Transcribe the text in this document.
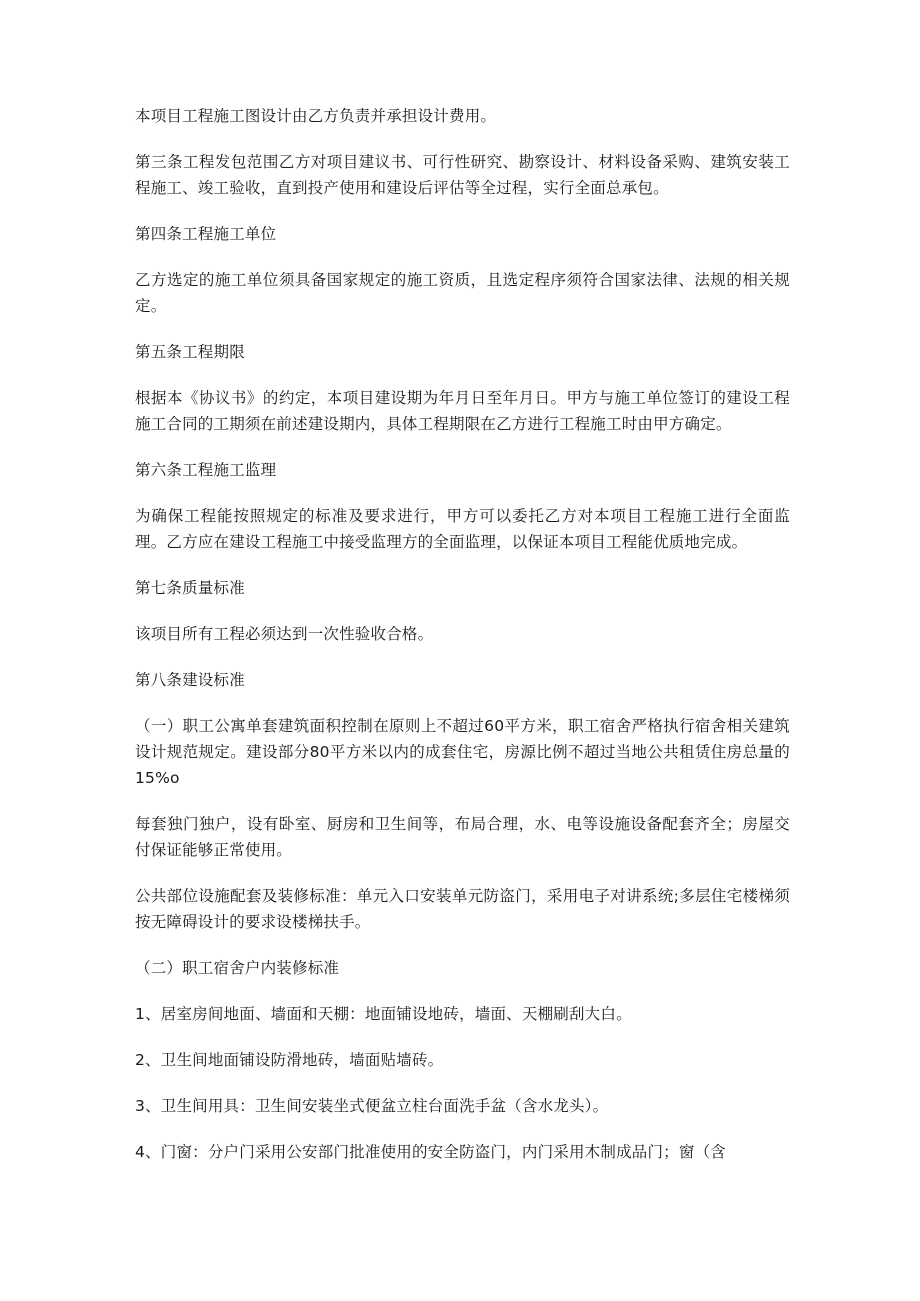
本项目工程施工图设计由乙方负责并承担设计费用。

第三条工程发包范围乙方对项目建议书、可行性研究、勘察设计、材料设备采购、建筑安装工程施工、竣工验收，直到投产使用和建设后评估等全过程，实行全面总承包。

第四条工程施工单位

乙方选定的施工单位须具备国家规定的施工资质，且选定程序须符合国家法律、法规的相关规定。

第五条工程期限

根据本《协议书》的约定，本项目建设期为年月日至年月日。甲方与施工单位签订的建设工程施工合同的工期须在前述建设期内，具体工程期限在乙方进行工程施工时由甲方确定。

第六条工程施工监理

为确保工程能按照规定的标准及要求进行，甲方可以委托乙方对本项目工程施工进行全面监理。乙方应在建设工程施工中接受监理方的全面监理，以保证本项目工程能优质地完成。

第七条质量标准

该项目所有工程必须达到一次性验收合格。

第八条建设标准

（一）职工公寓单套建筑面积控制在原则上不超过60平方米，职工宿舍严格执行宿舍相关建筑设计规范规定。建设部分80平方米以内的成套住宅，房源比例不超过当地公共租赁住房总量的15%o

每套独门独户，设有卧室、厨房和卫生间等，布局合理，水、电等设施设备配套齐全；房屋交付保证能够正常使用。

公共部位设施配套及装修标准：单元入口安装单元防盗门，采用电子对讲系统;多层住宅楼梯须按无障碍设计的要求设楼梯扶手。

（二）职工宿舍户内装修标准

1、居室房间地面、墙面和天棚：地面铺设地砖，墙面、天棚刷刮大白。

2、卫生间地面铺设防滑地砖，墙面贴墙砖。

3、卫生间用具：卫生间安装坐式便盆立柱台面洗手盆（含水龙头）。

4、门窗：分户门采用公安部门批准使用的安全防盗门，内门采用木制成品门；窗（含
